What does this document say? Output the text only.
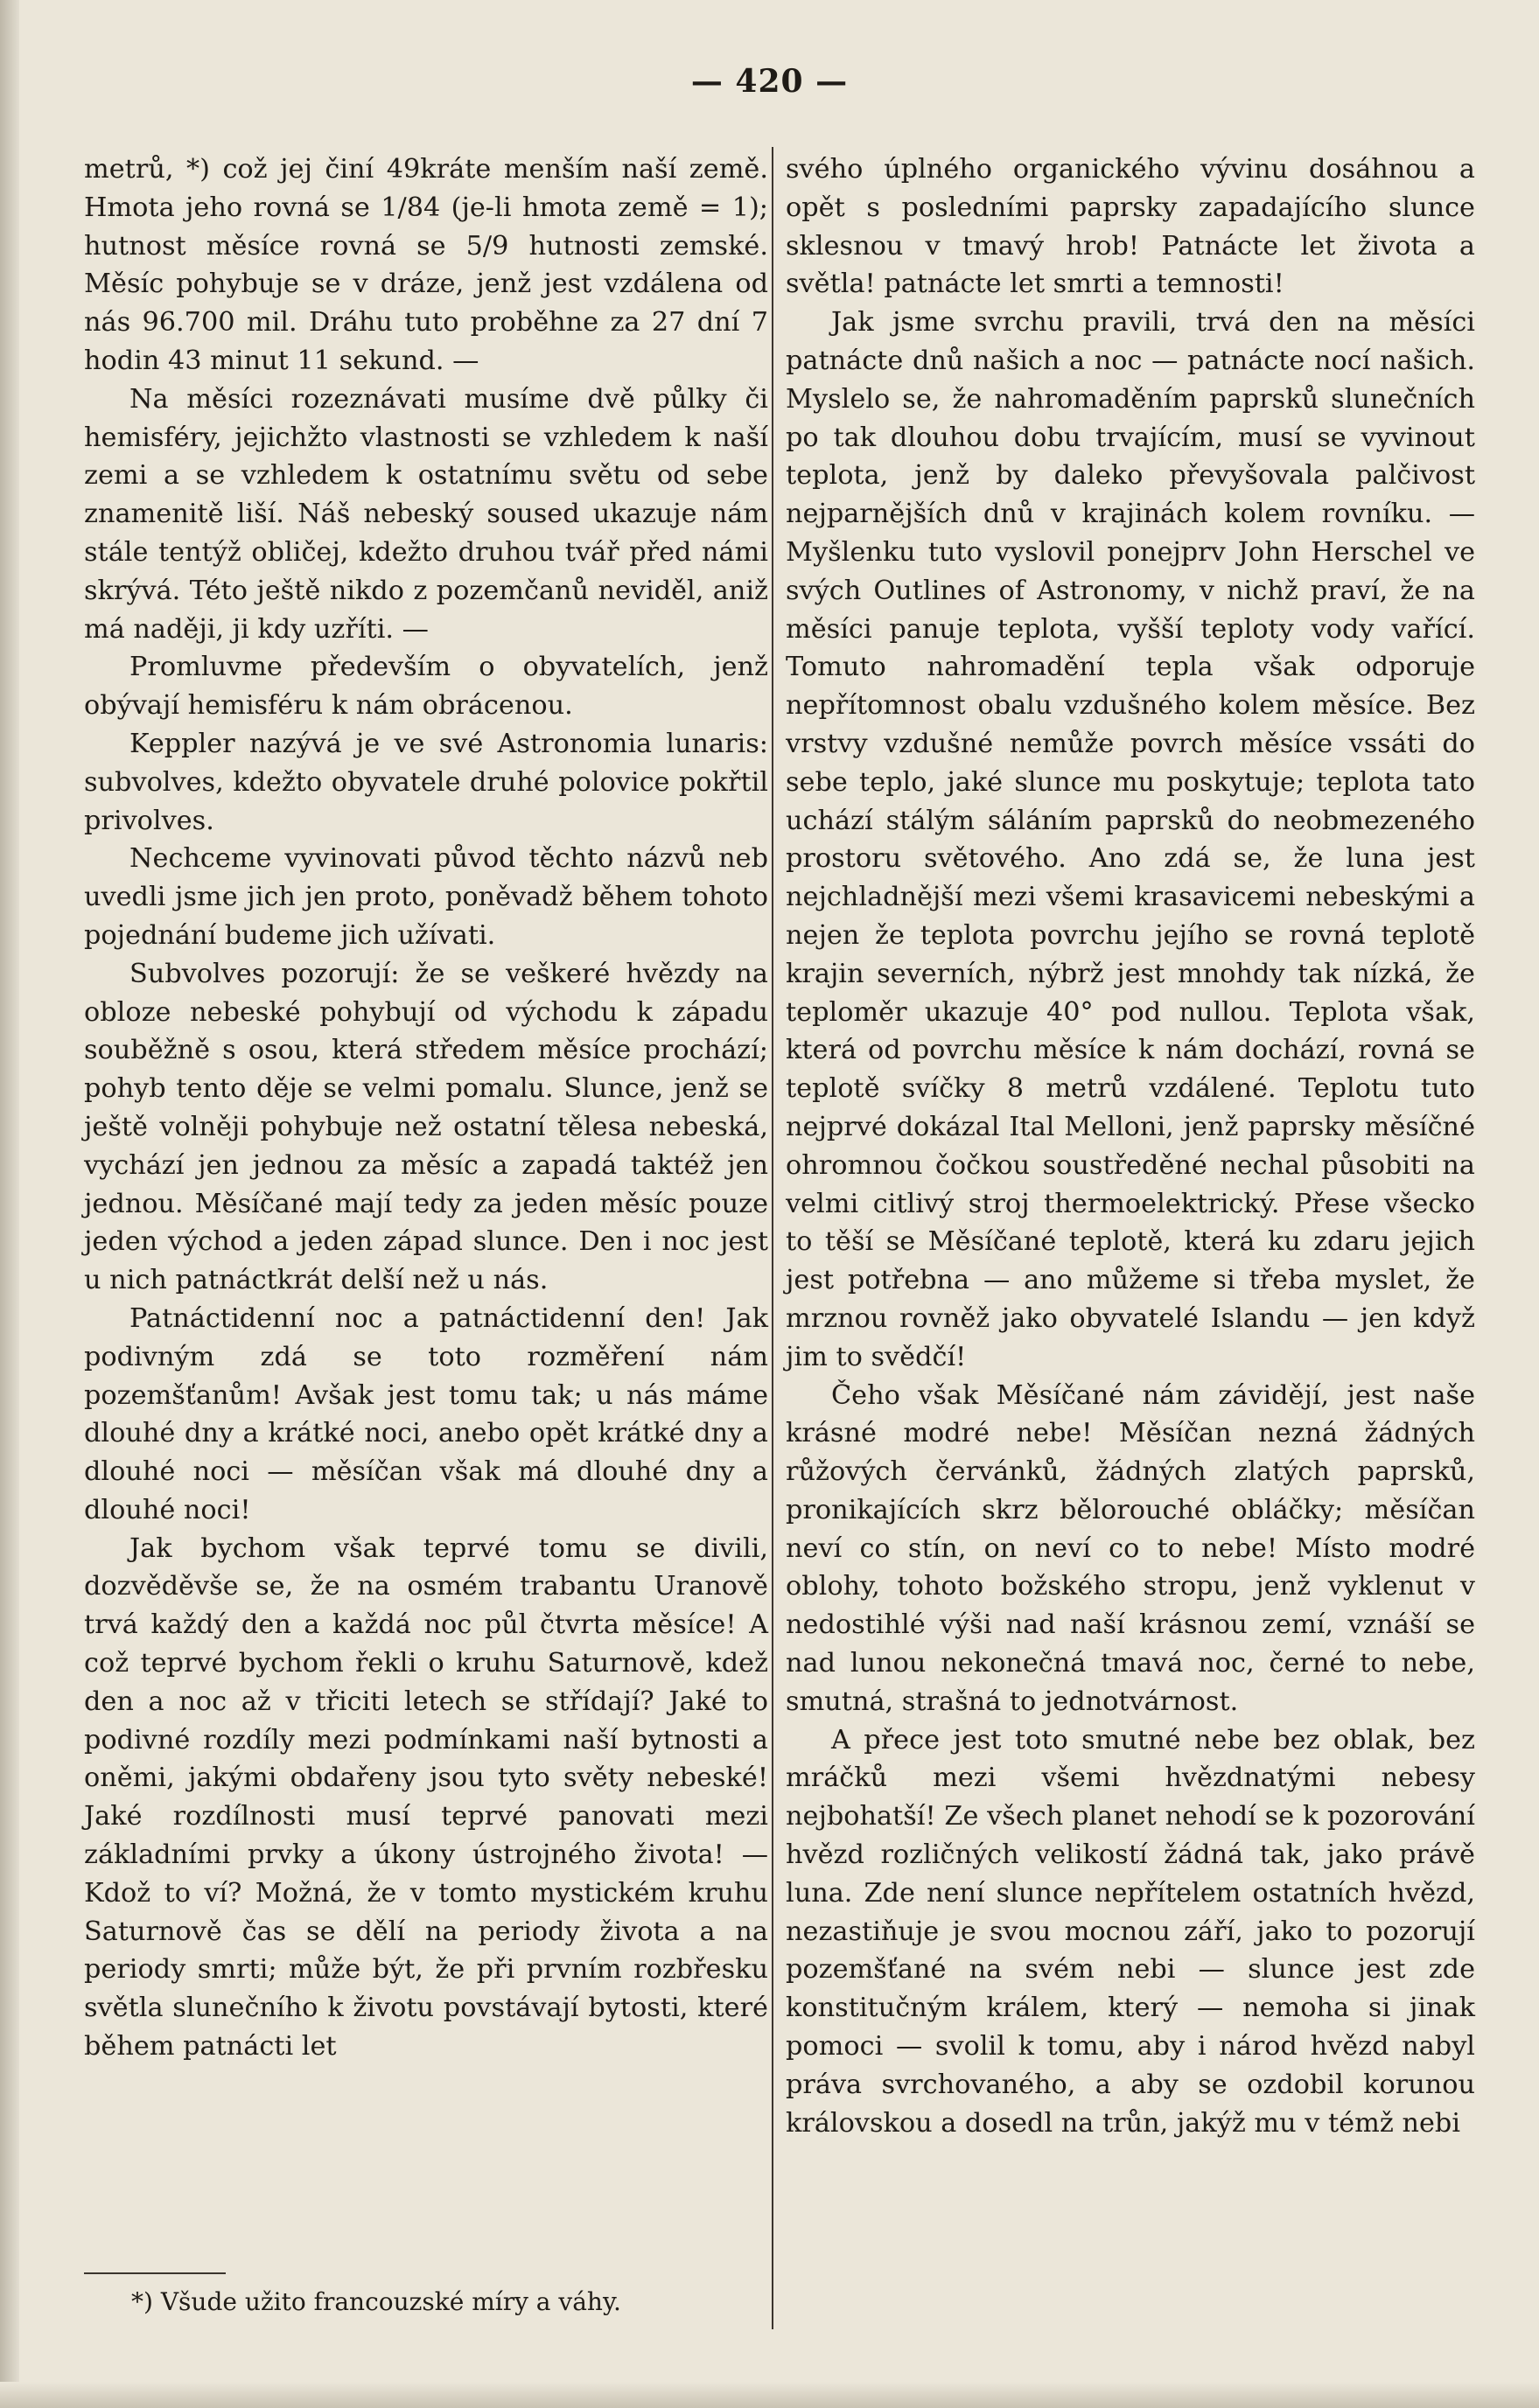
— 420 —

metrů, *) což jej činí 49kráte menším naší země. Hmota jeho rovná se 1/84 (je-li hmota země = 1); hutnost měsíce rovná se 5/9 hutnosti zemské. Měsíc pohybuje se v dráze, jenž jest vzdálena od nás 96.700 mil. Dráhu tuto proběhne za 27 dní 7 hodin 43 minut 11 sekund. —

Na měsíci rozeznávati musíme dvě půlky či hemisféry, jejichžto vlastnosti se vzhledem k naší zemi a se vzhledem k ostatnímu světu od sebe znamenitě liší. Náš nebeský soused ukazuje nám stále tentýž obličej, kdežto druhou tvář před námi skrývá. Této ještě nikdo z pozemčanů neviděl, aniž má naději, ji kdy uzříti. —

Promluvme především o obyvatelích, jenž obývají hemisféru k nám obrácenou.

Keppler nazývá je ve své Astronomia lunaris: subvolves, kdežto obyvatele druhé polovice pokřtil privolves.

Nechceme vyvinovati původ těchto názvů neb uvedli jsme jich jen proto, poněvadž během tohoto pojednání budeme jich užívati.

Subvolves pozorují: že se veškeré hvězdy na obloze nebeské pohybují od východu k západu souběžně s osou, která středem měsíce prochází; pohyb tento děje se velmi pomalu. Slunce, jenž se ještě volněji pohybuje než ostatní tělesa nebeská, vychází jen jednou za měsíc a zapadá taktéž jen jednou. Měsíčané mají tedy za jeden měsíc pouze jeden východ a jeden západ slunce. Den i noc jest u nich patnáctkrát delší než u nás.

Patnáctidenní noc a patnáctidenní den! Jak podivným zdá se toto rozměření nám pozemšťanům! Avšak jest tomu tak; u nás máme dlouhé dny a krátké noci, anebo opět krátké dny a dlouhé noci — měsíčan však má dlouhé dny a dlouhé noci!

Jak bychom však teprvé tomu se divili, dozvěděvše se, že na osmém trabantu Uranově trvá každý den a každá noc půl čtvrta měsíce! A což teprvé bychom řekli o kruhu Saturnově, kdež den a noc až v třiciti letech se střídají? Jaké to podivné rozdíly mezi podmínkami naší bytnosti a oněmi, jakými obdařeny jsou tyto světy nebeské! Jaké rozdílnosti musí teprvé panovati mezi základními prvky a úkony ústrojného života! — Kdož to ví? Možná, že v tomto mystickém kruhu Saturnově čas se dělí na periody života a na periody smrti; může být, že při prvním rozbřesku světla slunečního k životu povstávají bytosti, které během patnácti let

svého úplného organického vývinu dosáhnou a opět s posledními paprsky zapadajícího slunce sklesnou v tmavý hrob! Patnácte let života a světla! patnácte let smrti a temnosti!

Jak jsme svrchu pravili, trvá den na měsíci patnácte dnů našich a noc — patnácte nocí našich. Myslelo se, že nahromaděním paprsků slunečních po tak dlouhou dobu trvajícím, musí se vyvinout teplota, jenž by daleko převyšovala palčivost nejparnějších dnů v krajinách kolem rovníku. — Myšlenku tuto vyslovil ponejprv John Herschel ve svých Outlines of Astronomy, v nichž praví, že na měsíci panuje teplota, vyšší teploty vody vařící. Tomuto nahromadění tepla však odporuje nepřítomnost obalu vzdušného kolem měsíce. Bez vrstvy vzdušné nemůže povrch měsíce vssáti do sebe teplo, jaké slunce mu poskytuje; teplota tato uchází stálým sáláním paprsků do neobmezeného prostoru světového. Ano zdá se, že luna jest nejchladnější mezi všemi krasavicemi nebeskými a nejen že teplota povrchu jejího se rovná teplotě krajin severních, nýbrž jest mnohdy tak nízká, že teploměr ukazuje 40° pod nullou. Teplota však, která od povrchu měsíce k nám dochází, rovná se teplotě svíčky 8 metrů vzdálené. Teplotu tuto nejprvé dokázal Ital Melloni, jenž paprsky měsíčné ohromnou čočkou soustředěné nechal působiti na velmi citlivý stroj thermoelektrický. Přese všecko to těší se Měsíčané teplotě, která ku zdaru jejich jest potřebna — ano můžeme si třeba myslet, že mrznou rovněž jako obyvatelé Islandu — jen když jim to svědčí!

Čeho však Měsíčané nám závidějí, jest naše krásné modré nebe! Měsíčan nezná žádných růžových červánků, žádných zlatých paprsků, pronikajících skrz bělorouché obláčky; měsíčan neví co stín, on neví co to nebe! Místo modré oblohy, tohoto božského stropu, jenž vyklenut v nedostihlé výši nad naší krásnou zemí, vznáší se nad lunou nekonečná tmavá noc, černé to nebe, smutná, strašná to jednotvárnost.

A přece jest toto smutné nebe bez oblak, bez mráčků mezi všemi hvězdnatými nebesy nejbohatší! Ze všech planet nehodí se k pozorování hvězd rozličných velikostí žádná tak, jako právě luna. Zde není slunce nepřítelem ostatních hvězd, nezastiňuje je svou mocnou září, jako to pozorují pozemšťané na svém nebi — slunce jest zde konstitučným králem, který — nemoha si jinak pomoci — svolil k tomu, aby i národ hvězd nabyl práva svrchovaného, a aby se ozdobil korunou královskou a dosedl na trůn, jakýž mu v témž nebi

*) Všude užito francouzské míry a váhy.
